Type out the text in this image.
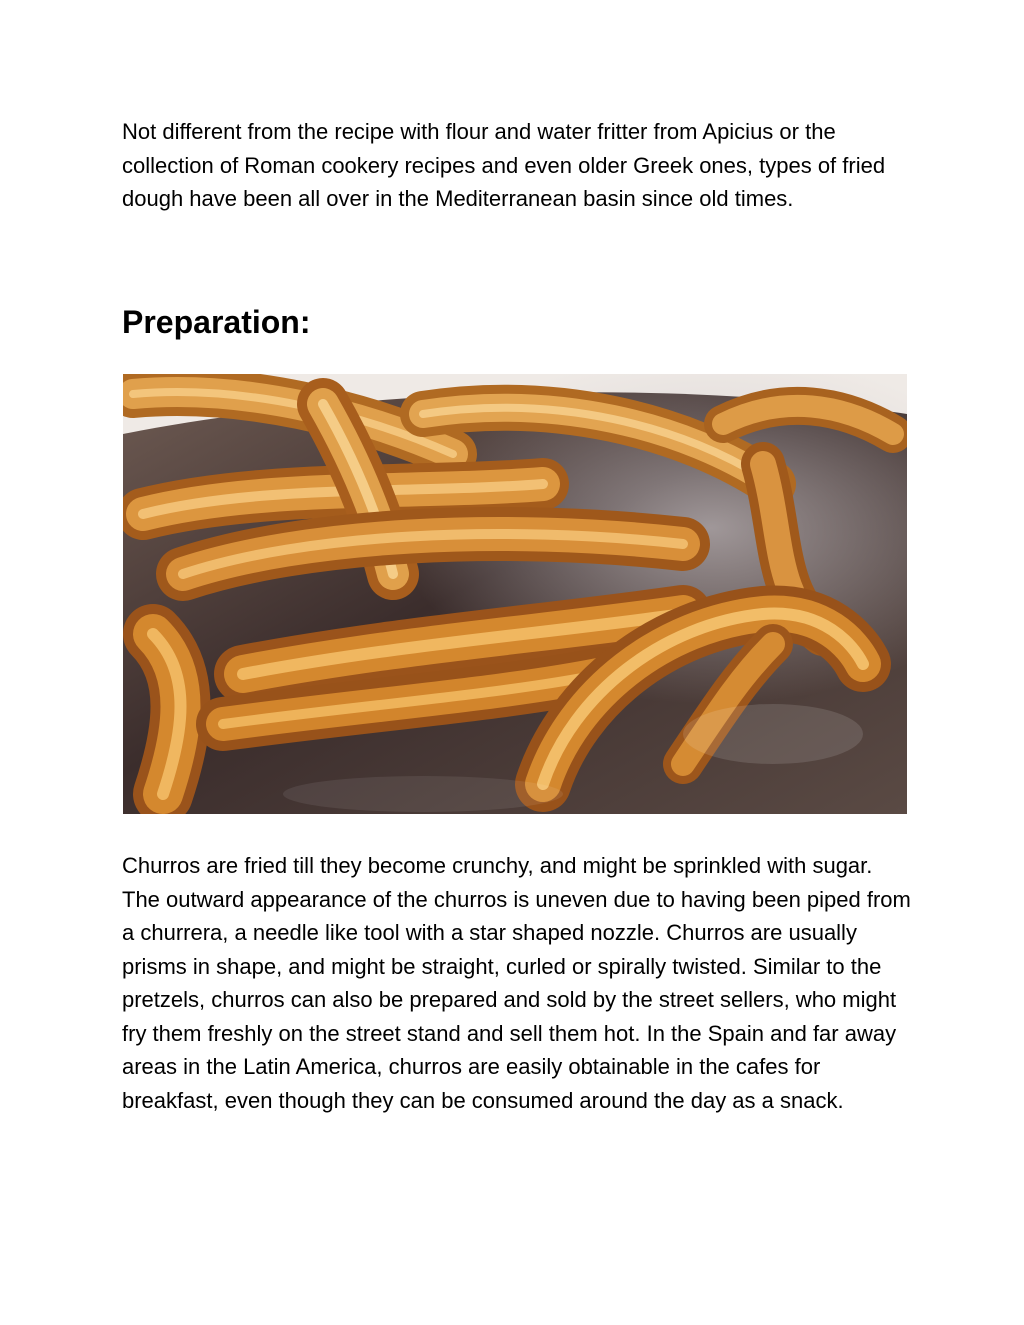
Not different from the recipe with flour and water fritter from Apicius or the collection of Roman cookery recipes and even older Greek ones, types of fried dough have been all over in the Mediterranean basin since old times.

Preparation:

Churros are fried till they become crunchy, and might be sprinkled with sugar. The outward appearance of the churros is uneven due to having been piped from a churrera, a needle like tool with a star shaped nozzle. Churros are usually prisms in shape, and might be straight, curled or spirally twisted. Similar to the pretzels, churros can also be prepared and sold by the street sellers, who might fry them freshly on the street stand and sell them hot. In the Spain and far away areas in the Latin America, churros are easily obtainable in the cafes for breakfast, even though they can be consumed around the day as a snack.
